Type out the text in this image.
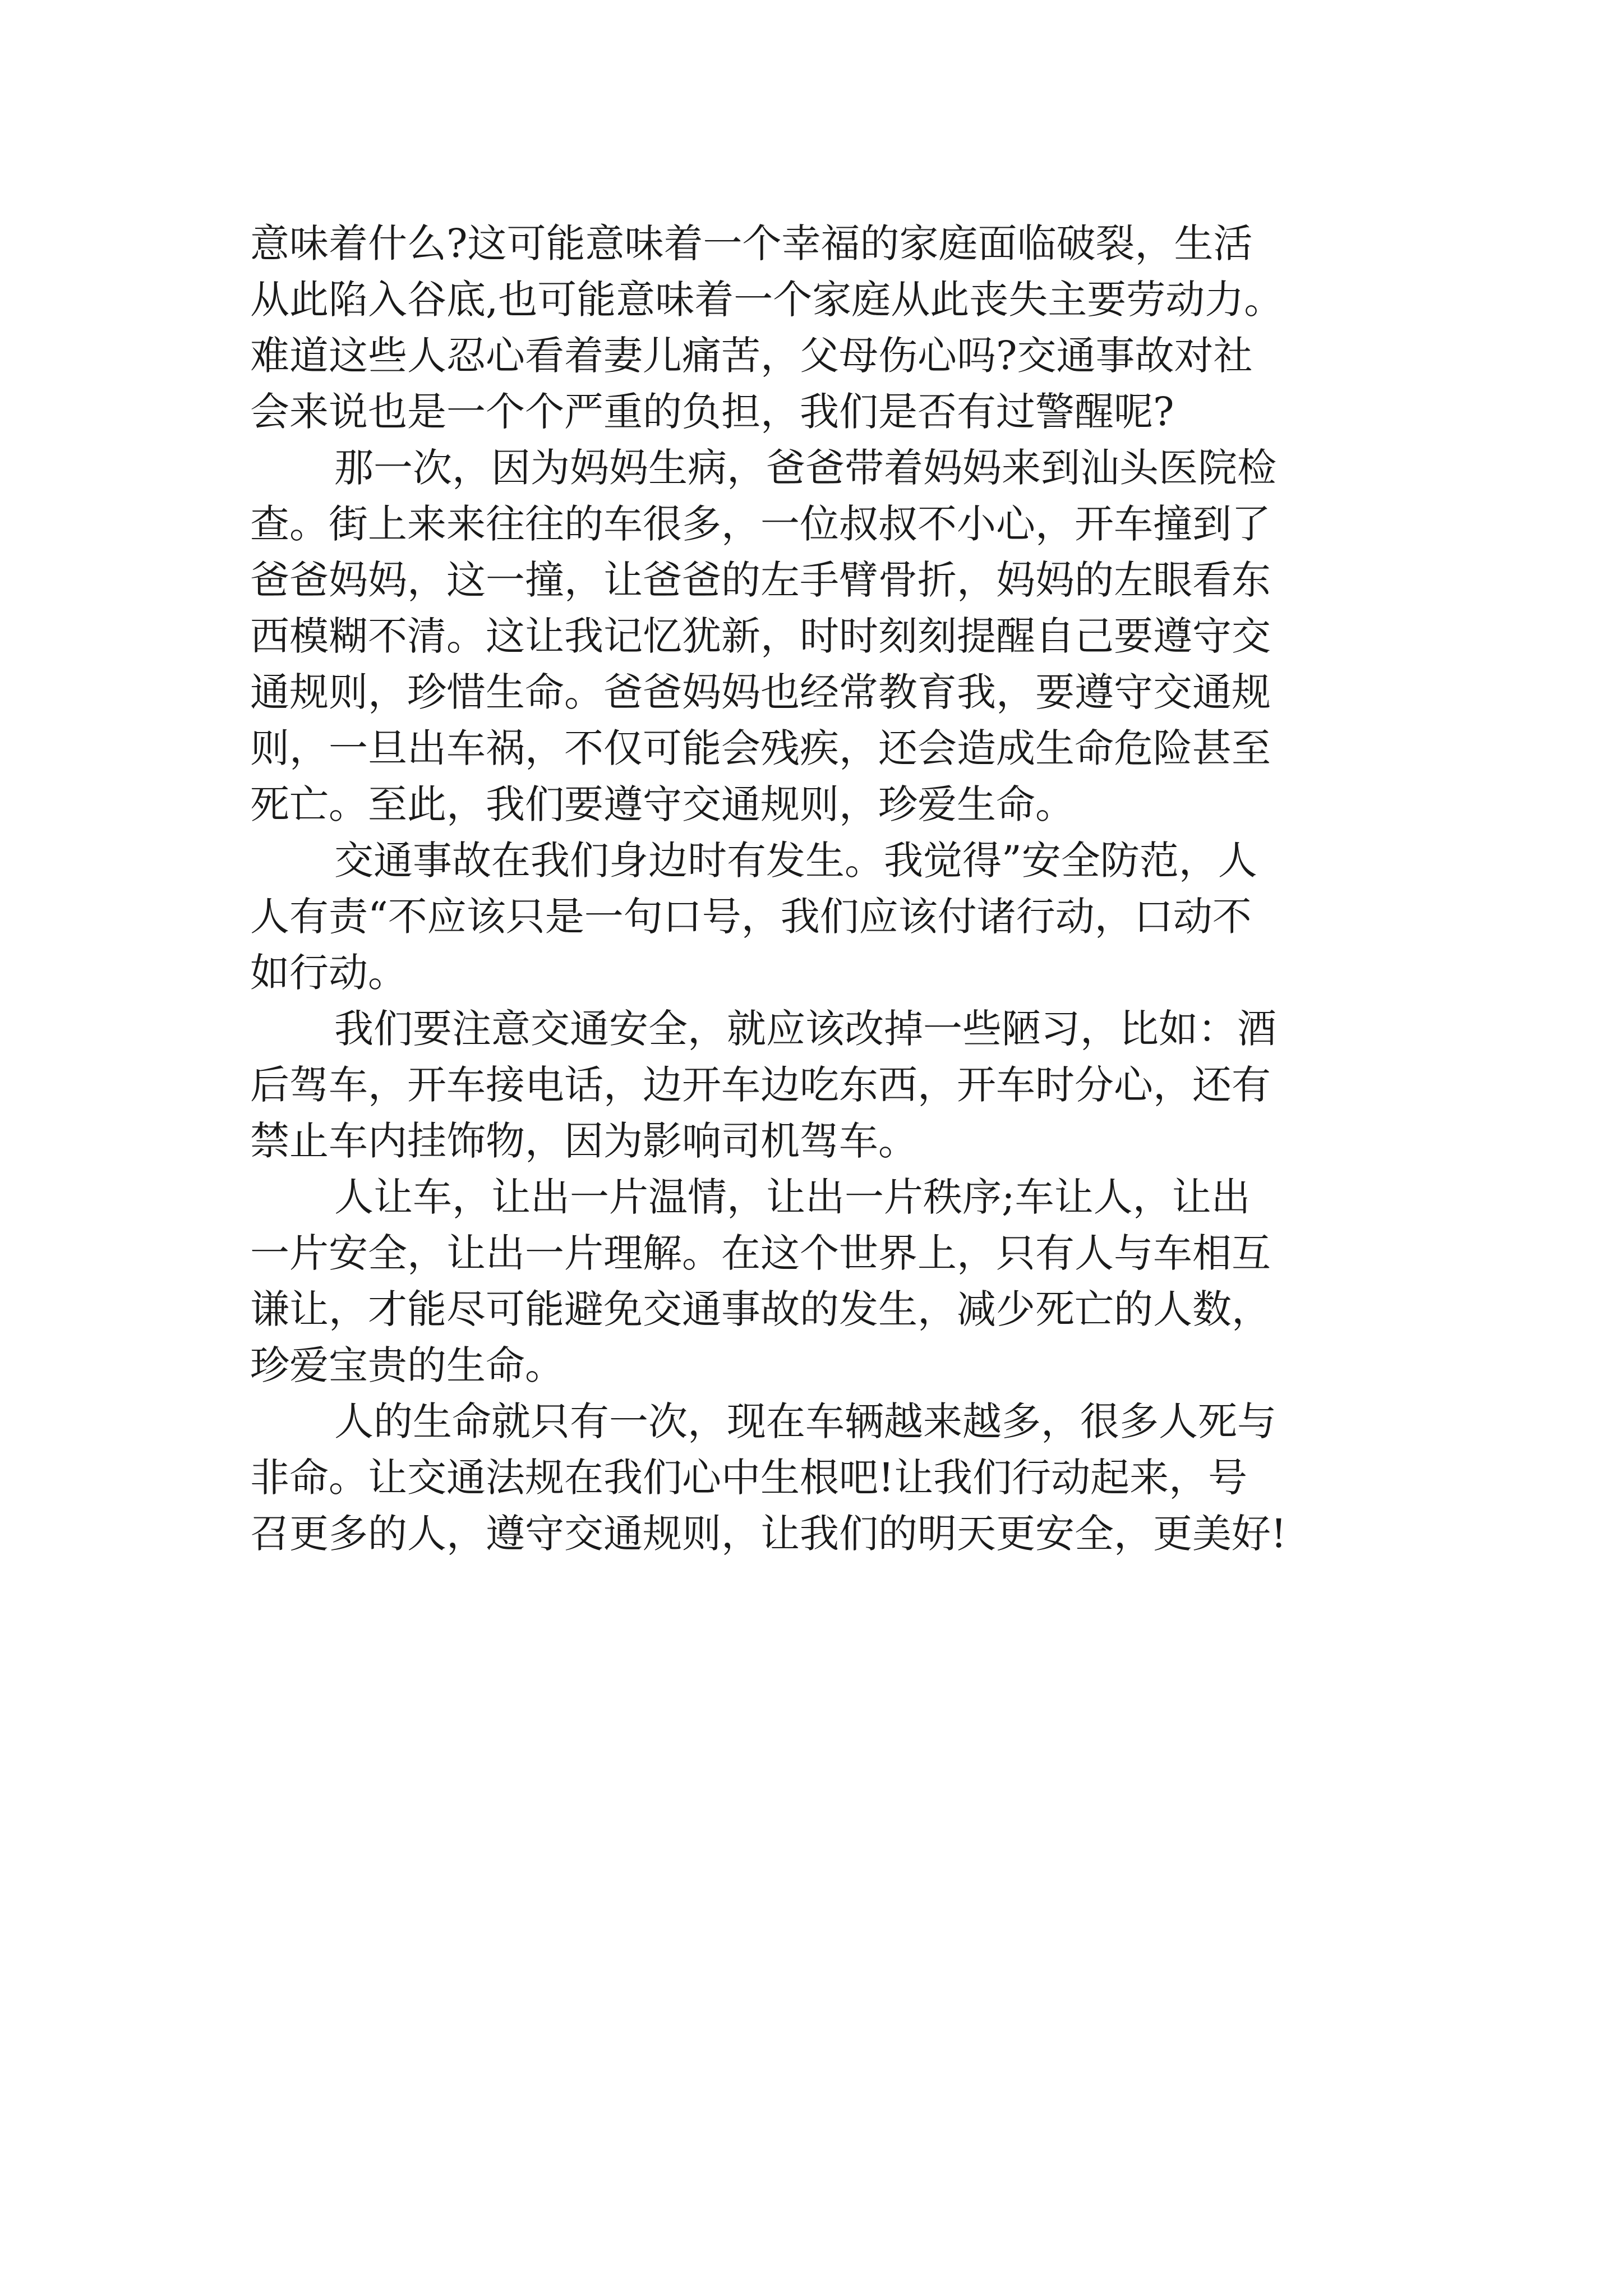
意味着什么?这可能意味着一个幸福的家庭面临破裂，生活
从此陷入谷底,也可能意味着一个家庭从此丧失主要劳动力。
难道这些人忍心看着妻儿痛苦，父母伤心吗?交通事故对社
会来说也是一个个严重的负担，我们是否有过警醒呢?
那一次，因为妈妈生病，爸爸带着妈妈来到汕头医院检
查。街上来来往往的车很多，一位叔叔不小心，开车撞到了
爸爸妈妈，这一撞，让爸爸的左手臂骨折，妈妈的左眼看东
西模糊不清。这让我记忆犹新，时时刻刻提醒自己要遵守交
通规则，珍惜生命。爸爸妈妈也经常教育我，要遵守交通规
则，一旦出车祸，不仅可能会残疾，还会造成生命危险甚至
死亡。至此，我们要遵守交通规则，珍爱生命。
交通事故在我们身边时有发生。我觉得”安全防范，人
人有责“不应该只是一句口号，我们应该付诸行动，口动不
如行动。
我们要注意交通安全，就应该改掉一些陋习，比如：酒
后驾车，开车接电话，边开车边吃东西，开车时分心，还有
禁止车内挂饰物，因为影响司机驾车。
人让车，让出一片温情，让出一片秩序;车让人，让出
一片安全，让出一片理解。在这个世界上，只有人与车相互
谦让，才能尽可能避免交通事故的发生，减少死亡的人数，
珍爱宝贵的生命。
人的生命就只有一次，现在车辆越来越多，很多人死与
非命。让交通法规在我们心中生根吧!让我们行动起来，号
召更多的人，遵守交通规则，让我们的明天更安全，更美好!
